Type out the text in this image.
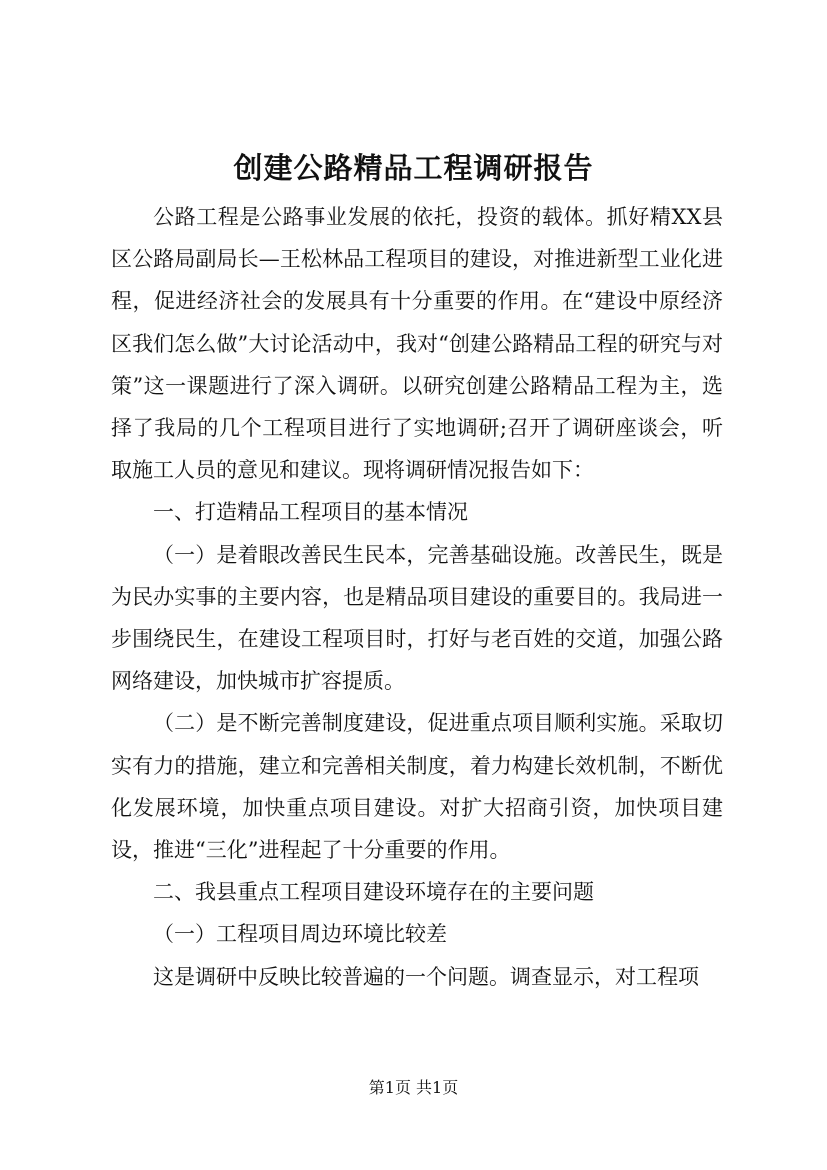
创建公路精品工程调研报告

公路工程是公路事业发展的依托，投资的载体。抓好精XX县区公路局副局长—王松林品工程项目的建设，对推进新型工业化进程，促进经济社会的发展具有十分重要的作用。在“建设中原经济区我们怎么做”大讨论活动中，我对“创建公路精品工程的研究与对策”这一课题进行了深入调研。以研究创建公路精品工程为主，选择了我局的几个工程项目进行了实地调研;召开了调研座谈会，听取施工人员的意见和建议。现将调研情况报告如下：

一、打造精品工程项目的基本情况

（一）是着眼改善民生民本，完善基础设施。改善民生，既是为民办实事的主要内容，也是精品项目建设的重要目的。我局进一步围绕民生，在建设工程项目时，打好与老百姓的交道，加强公路网络建设，加快城市扩容提质。

（二）是不断完善制度建设，促进重点项目顺利实施。采取切实有力的措施，建立和完善相关制度，着力构建长效机制，不断优化发展环境，加快重点项目建设。对扩大招商引资，加快项目建设，推进“三化”进程起了十分重要的作用。

二、我县重点工程项目建设环境存在的主要问题

（一）工程项目周边环境比较差

这是调研中反映比较普遍的一个问题。调查显示，对工程项

第1页 共1页
